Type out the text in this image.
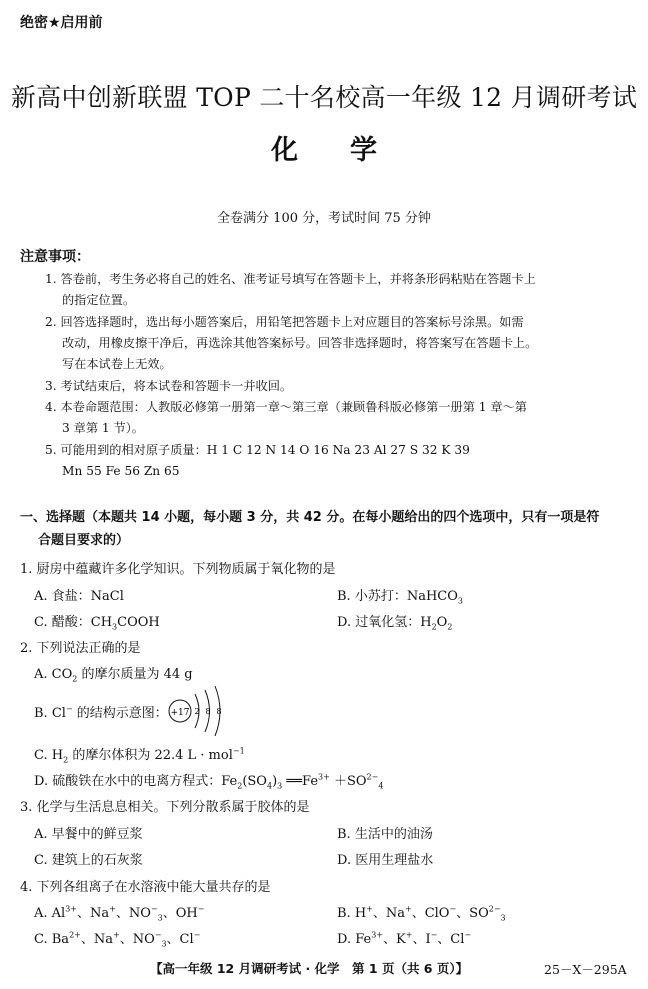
绝密★启用前
新高中创新联盟 TOP 二十名校高一年级 12 月调研考试
化学
全卷满分 100 分，考试时间 75 分钟
注意事项：
1. 答卷前，考生务必将自己的姓名、准考证号填写在答题卡上，并将条形码粘贴在答题卡上
的指定位置。
2. 回答选择题时，选出每小题答案后，用铅笔把答题卡上对应题目的答案标号涂黑。如需
改动，用橡皮擦干净后，再选涂其他答案标号。回答非选择题时，将答案写在答题卡上。
写在本试卷上无效。
3. 考试结束后，将本试卷和答题卡一并收回。
4. 本卷命题范围：人教版必修第一册第一章～第三章（兼顾鲁科版必修第一册第 1 章～第
3 章第 1 节）。
5. 可能用到的相对原子质量：H 1 C 12 N 14 O 16 Na 23 Al 27 S 32 K 39
Mn 55 Fe 56 Zn 65
一、选择题（本题共 14 小题，每小题 3 分，共 42 分。在每小题给出的四个选项中，只有一项是符
合题目要求的）
1. 厨房中蕴藏许多化学知识。下列物质属于氧化物的是
A. 食盐：NaCl	B. 小苏打：NaHCO$_3$
C. 醋酸：$CH_3COOH$	D. 过氧化氢：$H_2O_2$
2. 下列说法正确的是
A. $CO_2$ 的摩尔质量为 44 g
B. Cl− 的结构示意图： +17 2 8 8
C. $H_2$ 的摩尔体积为 22.4 L · mol$^{-1}$
D. 硫酸铁在水中的电离方程式：$Fe_2(SO_4)_3$ $══Fe^{3+} +SO^{2-}_4$
3. 化学与生活息息相关。下列分散系属于胶体的是
A. 早餐中的鲜豆浆	B. 生活中的油汤
C. 建筑上的石灰浆	D. 医用生理盐水
4. 下列各组离子在水溶液中能大量共存的是
A. $Al^{3+}$、Na+、$NO^-_3$、OH−	B. H+、Na+、ClO−、$SO^{2-}_3$
C. $Ba^{2+}$、Na+、$NO^-_3$、Cl−	D. $Fe^{3+}$、K+、I−、Cl−
【高一年级 12 月调研考试 · 化学　第 1 页（共 6 页）】	25－X－295A
